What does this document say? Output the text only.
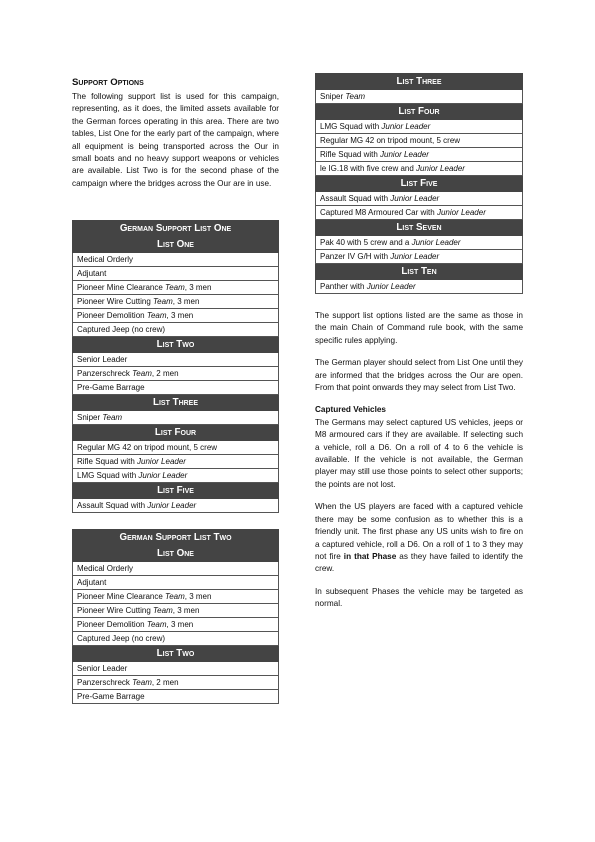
Support Options

The following support list is used for this campaign, representing, as it does, the limited assets available for the German forces operating in this area. There are two tables, List One for the early part of the campaign, where all equipment is being transported across the Our in small boats and no heavy support weapons or vehicles are available. List Two is for the second phase of the campaign where the bridges across the Our are in use.

German Support List One
List One
Medical Orderly
Adjutant
Pioneer Mine Clearance Team, 3 men
Pioneer Wire Cutting Team, 3 men
Pioneer Demolition Team, 3 men
Captured Jeep (no crew)
List Two
Senior Leader
Panzerschreck Team, 2 men
Pre-Game Barrage
List Three
Sniper Team
List Four
Regular MG 42 on tripod mount, 5 crew
Rifle Squad with Junior Leader
LMG Squad with Junior Leader
List Five
Assault Squad with Junior Leader
German Support List Two
List One
Medical Orderly
Adjutant
Pioneer Mine Clearance Team, 3 men
Pioneer Wire Cutting Team, 3 men
Pioneer Demolition Team, 3 men
Captured Jeep (no crew)
List Two
Senior Leader
Panzerschreck Team, 2 men
Pre-Game Barrage
List Three
Sniper Team
List Four
LMG Squad with Junior Leader
Regular MG 42 on tripod mount, 5 crew
Rifle Squad with Junior Leader
le IG.18 with five crew and Junior Leader
List Five
Assault Squad with Junior Leader
Captured M8 Armoured Car with Junior Leader
List Seven
Pak 40 with 5 crew and a Junior Leader
Panzer IV G/H with Junior Leader
List Ten
Panther with Junior Leader

The support list options listed are the same as those in the main Chain of Command rule book, with the same specific rules applying.

The German player should select from List One until they are informed that the bridges across the Our are open. From that point onwards they may select from List Two.

Captured Vehicles

The Germans may select captured US vehicles, jeeps or M8 armoured cars if they are available. If selecting such a vehicle, roll a D6. On a roll of 4 to 6 the vehicle is available. If the vehicle is not available, the German player may still use those points to select other supports; the points are not lost.

When the US players are faced with a captured vehicle there may be some confusion as to whether this is a friendly unit. The first phase any US units wish to fire on a captured vehicle, roll a D6. On a roll of 1 to 3 they may not fire in that Phase as they have failed to identify the crew.

In subsequent Phases the vehicle may be targeted as normal.
